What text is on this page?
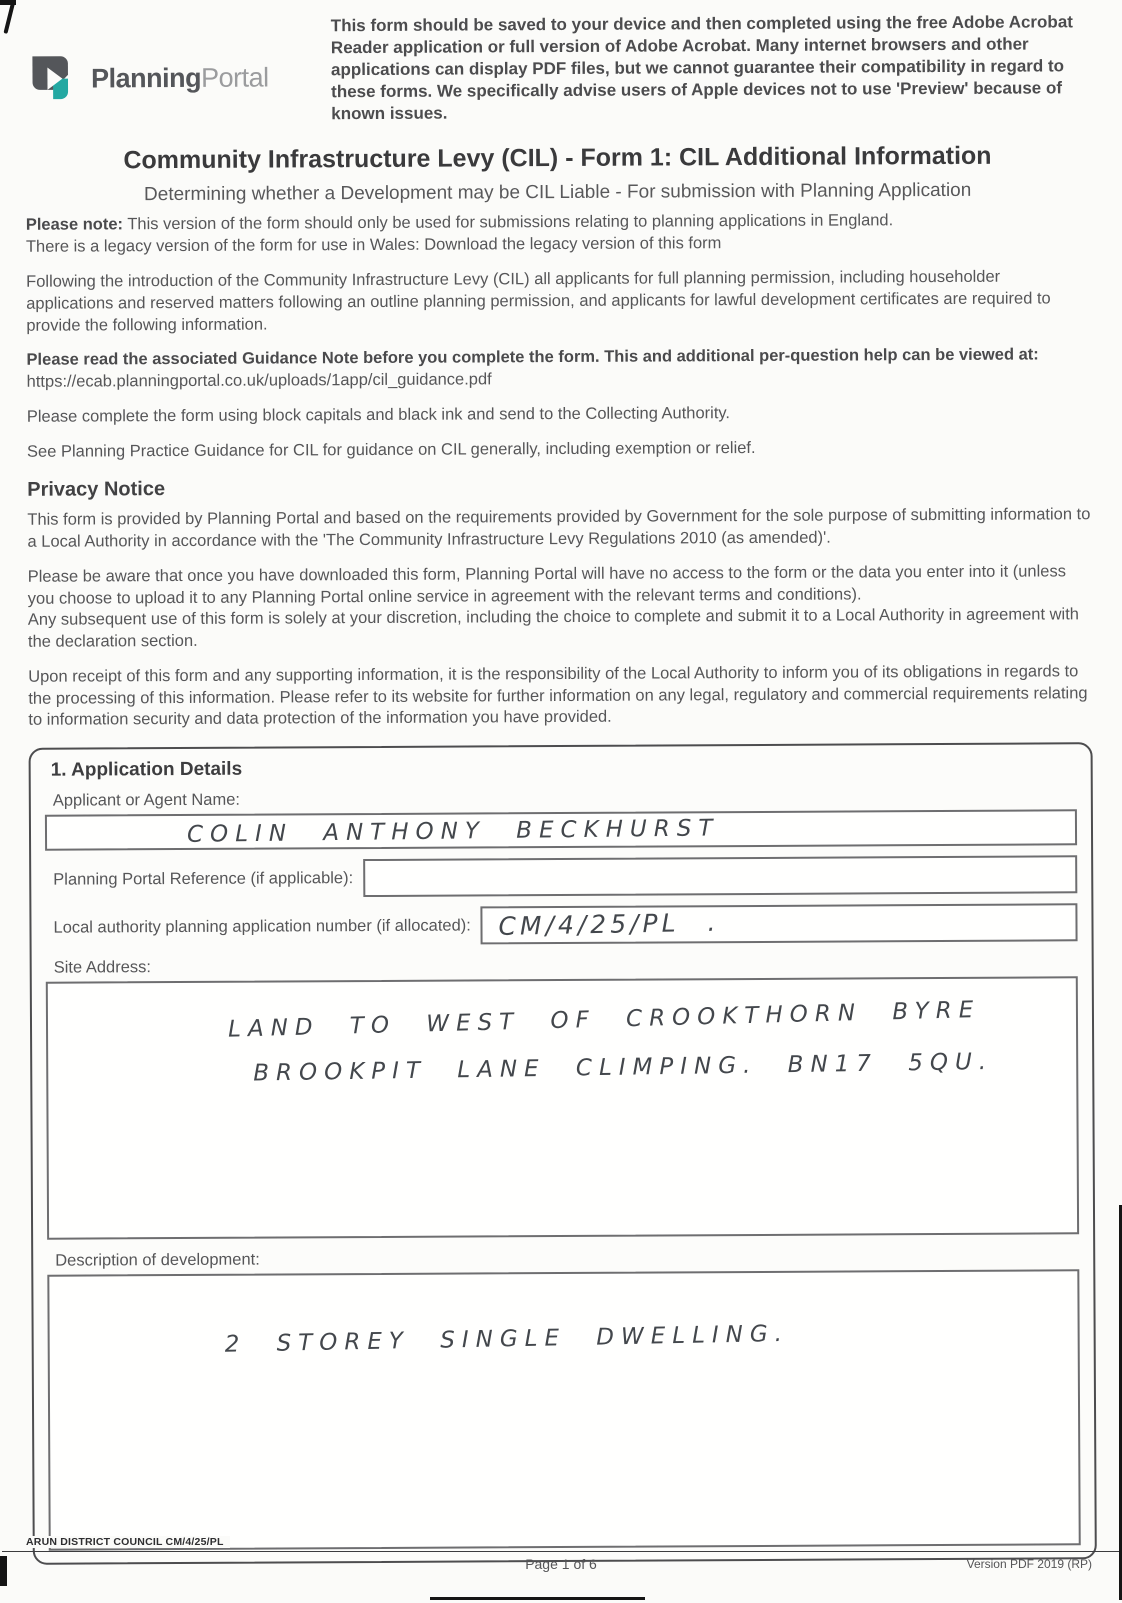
PlanningPortal
This form should be saved to your device and then completed using the free Adobe Acrobat Reader application or full version of Adobe Acrobat. Many internet browsers and other applications can display PDF files, but we cannot guarantee their compatibility in regard to these forms. We specifically advise users of Apple devices not to use 'Preview' because of known issues.
Community Infrastructure Levy (CIL) - Form 1: CIL Additional Information
Determining whether a Development may be CIL Liable - For submission with Planning Application
Please note: This version of the form should only be used for submissions relating to planning applications in England.
There is a legacy version of the form for use in Wales: Download the legacy version of this form
Following the introduction of the Community Infrastructure Levy (CIL) all applicants for full planning permission, including householder applications and reserved matters following an outline planning permission, and applicants for lawful development certificates are required to provide the following information.
Please read the associated Guidance Note before you complete the form. This and additional per-question help can be viewed at:
https://ecab.planningportal.co.uk/uploads/1app/cil_guidance.pdf
Please complete the form using block capitals and black ink and send to the Collecting Authority.
See Planning Practice Guidance for CIL for guidance on CIL generally, including exemption or relief.
Privacy Notice
This form is provided by Planning Portal and based on the requirements provided by Government for the sole purpose of submitting information to a Local Authority in accordance with the 'The Community Infrastructure Levy Regulations 2010 (as amended)'.
Please be aware that once you have downloaded this form, Planning Portal will have no access to the form or the data you enter into it (unless you choose to upload it to any Planning Portal online service in agreement with the relevant terms and conditions).
Any subsequent use of this form is solely at your discretion, including the choice to complete and submit it to a Local Authority in agreement with the declaration section.
Upon receipt of this form and any supporting information, it is the responsibility of the Local Authority to inform you of its obligations in regards to the processing of this information. Please refer to its website for further information on any legal, regulatory and commercial requirements relating to information security and data protection of the information you have provided.
1. Application Details
Applicant or Agent Name:
COLIN ANTHONY BECKHURST
Planning Portal Reference (if applicable):
Local authority planning application number (if allocated): CM/4/25/PL .
Site Address:
LAND TO WEST OF CROOKTHORN BYRE
BROOKPIT LANE CLIMPING. BN17 5QU.
Description of development:
2 STOREY SINGLE DWELLING.
ARUN DISTRICT COUNCIL CM/4/25/PL
Page 1 of 6	Version PDF 2019 (RP)
